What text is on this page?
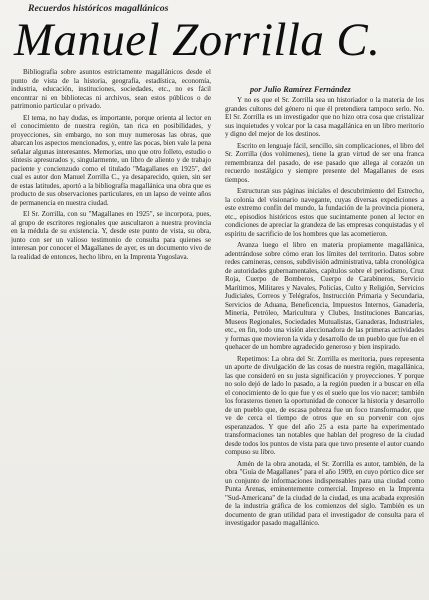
Recuerdos históricos magallánicos
Manuel Zorrilla C.
por Julio Ramírez Fernández

Bibliografía sobre asuntos estrictamente magallánicos desde el punto de vista de la historia, geografía, estadística, economía, industria, educación, instituciones, sociedades, etc., no es fácil encontrar ni en bibliotecas ni archivos, sean estos públicos o de patrimonio particular o privado.

El tema, no hay dudas, es importante, porque orienta al lector en el conocimiento de nuestra región, tan rica en posibilidades, y proyecciones, sin embargo, no son muy numerosas las obras, que abarcan los aspectos mencionados, y, entre las pocas, bien vale la pena señalar algunas interesantes. Memorias, uno que otro folleto, estudio o síntesis apresurados y, singularmente, un libro de aliento y de trabajo paciente y concienzudo como el titulado "Magallanes en 1925", del cual es autor don Manuel Zorrilla C., ya desaparecido, quien, sin ser de estas latitudes, aportó a la bibliografía magallánica una obra que es producto de sus observaciones particulares, en un lapso de veinte años de permanencia en nuestra ciudad.

El Sr. Zorrilla, con su "Magallanes en 1925", se incorpora, pues, al grupo de escritores regionales que auscultaron a nuestra provincia en la médula de su existencia. Y, desde este punto de vista, su obra, junto con ser un valioso testimonio de consulta para quienes se interesan por conocer el Magallanes de ayer, es un documento vivo de la realidad de entonces, hecho libro, en la Imprenta Yugoslava.

Y no es que el Sr. Zorrilla sea un historiador o la materia de los grandes cultores del género ni que él pretendiera tampoco serlo. No. El Sr. Zorrilla es un investigador que no hizo otra cosa que cristalizar sus inquietudes y volcar por la casa magallánica en un libro meritorio y digno del mejor de los destinos.

Escrito en lenguaje fácil, sencillo, sin complicaciones, el libro del Sr. Zorrilla (dos volúmenes), tiene la gran virtud de ser una franca remembranza del pasado, de ese pasado que allega al corazón un recuerdo nostálgico y siempre presente del Magallanes de esos tiempos.

Estructuran sus páginas iniciales el descubrimiento del Estrecho, la colonia del visionario navegante, cuyas diversas expediciones a este extremo confín del mundo, la fundación de la provincia pionera, etc., episodios históricos estos que sucintamente ponen al lector en condiciones de apreciar la grandeza de las empresas conquistadas y el espíritu de sacrificio de los hombres que las acometieron.

Avanza luego el libro en materia propiamente magallánica, adentrándose sobre cómo eran los límites del territorio. Datos sobre redes camineras, censos, subdivisión administrativa, tabla cronológica de autoridades gubernamentales, capítulos sobre el periodismo, Cruz Roja, Cuerpo de Bomberos, Cuerpo de Carabineros, Servicio Marítimos, Militares y Navales, Policías, Culto y Religión, Servicios Judiciales, Correos y Telégrafos, Instrucción Primaria y Secundaria, Servicios de Aduana, Beneficencia, Impuestos Internos, Ganadería, Minería, Petróleo, Maricultura y Clubes, Instituciones Bancarias, Museos Regionales, Sociedades Mutualistas, Ganaderas, Industriales, etc., en fin, todo una visión aleccionadora de las primeras actividades y formas que movieron la vida y desarrollo de un pueblo que fue en el quehacer de un hombre agradecido generoso y bien inspirado.

Repetimos: La obra del Sr. Zorrilla es meritoria, pues representa un aporte de divulgación de las cosas de nuestra región, magallánica, las que consideró en su justa significación y proyecciones. Y porque no solo dejó de lado lo pasado, a la región pueden ir a buscar en ella el conocimiento de lo que fue y es el suelo que los vio nacer; también los forasteros tienen la oportunidad de conocer la historia y desarrollo de un pueblo que, de escasa pobreza fue un foco transformador, que ve de cerca el tiempo de otros que en su porvenir con ojos esperanzados. Y que del año 25 a esta parte ha experimentado transformaciones tan notables que hablan del progreso de la ciudad desde todos los puntos de vista para que tuvo presente el autor cuando compuso su libro.

Amén de la obra anotada, el Sr. Zorrilla es autor, también, de la obra "Guía de Magallanes" para el año 1909, en cuyo pórtico dice ser un conjunto de informaciones indispensables para una ciudad como Punta Arenas, eminentemente comercial. Impreso en la Imprenta "Sud-Americana" de la ciudad de la ciudad, es una acabada expresión de la industria gráfica de los comienzos del siglo. También es un documento de gran utilidad para el investigador de consulta para el investigador pasado magallánico.
